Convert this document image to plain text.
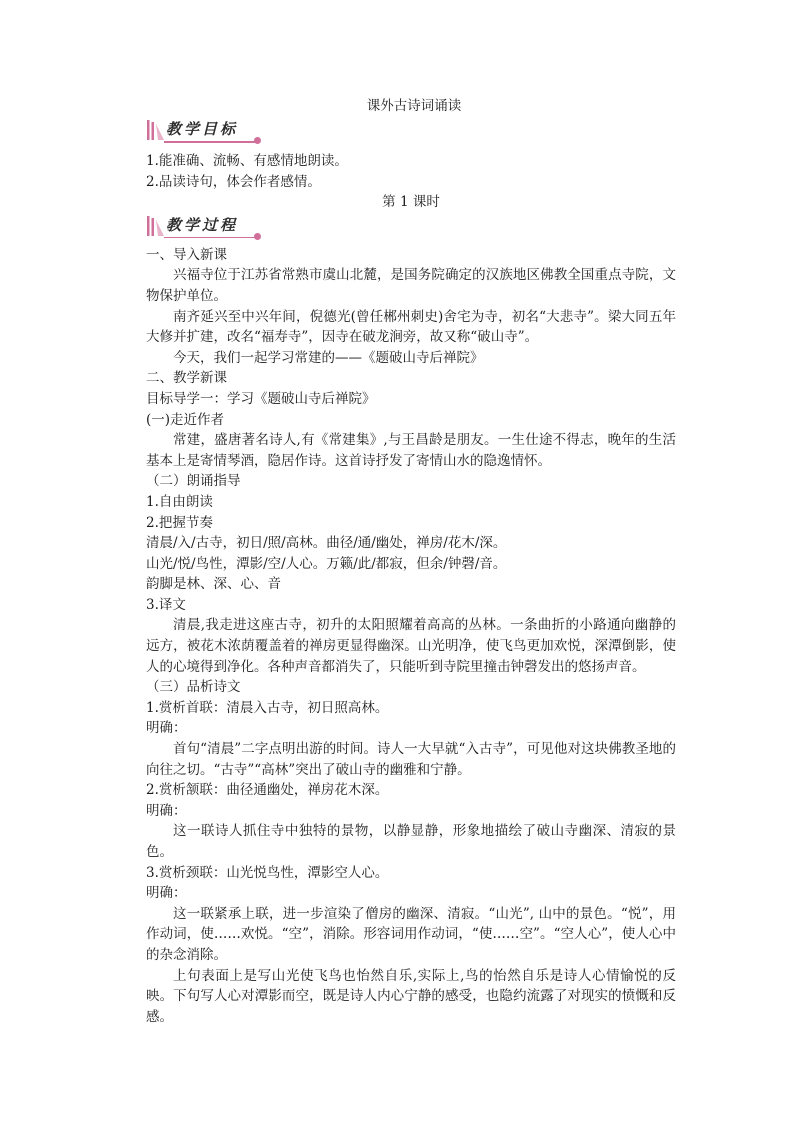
课外古诗词诵读
教学目标

1.能准确、流畅、有感情地朗读。

2.品读诗句，体会作者感情。

第 1 课时

教学过程

一、导入新课

兴福寺位于江苏省常熟市虞山北麓，是国务院确定的汉族地区佛教全国重点寺院，文物保护单位。

南齐延兴至中兴年间，倪德光(曾任郴州刺史)舍宅为寺，初名“大悲寺”。梁大同五年大修并扩建，改名“福寿寺”，因寺在破龙涧旁，故又称“破山寺”。

今天，我们一起学习常建的——《题破山寺后禅院》

二、教学新课

目标导学一：学习《题破山寺后禅院》

(一)走近作者

常建，盛唐著名诗人,有《常建集》,与王昌龄是朋友。一生仕途不得志，晚年的生活基本上是寄情琴酒，隐居作诗。这首诗抒发了寄情山水的隐逸情怀。

（二）朗诵指导

1.自由朗读

2.把握节奏

清晨/入/古寺，初日/照/高林。曲径/通/幽处，禅房/花木/深。

山光/悦/鸟性，潭影/空/人心。万籁/此/都寂，但余/钟磬/音。

韵脚是林、深、心、音

3.译文

清晨,我走进这座古寺，初升的太阳照耀着高高的丛林。一条曲折的小路通向幽静的远方，被花木浓荫覆盖着的禅房更显得幽深。山光明净，使飞鸟更加欢悦，深潭倒影，使人的心境得到净化。各种声音都消失了，只能听到寺院里撞击钟磬发出的悠扬声音。

（三）品析诗文

1.赏析首联：清晨入古寺，初日照高林。

明确：

首句“清晨”二字点明出游的时间。诗人一大早就“入古寺”，可见他对这块佛教圣地的向往之切。“古寺”“高林”突出了破山寺的幽雅和宁静。

2.赏析颔联：曲径通幽处，禅房花木深。

明确：

这一联诗人抓住寺中独特的景物，以静显静，形象地描绘了破山寺幽深、清寂的景色。

3.赏析颈联：山光悦鸟性，潭影空人心。

明确：

这一联紧承上联，进一步渲染了僧房的幽深、清寂。“山光”, 山中的景色。“悦”，用作动词，使……欢悦。“空”，消除。形容词用作动词，“使……空”。“空人心”，使人心中的杂念消除。

上句表面上是写山光使飞鸟也怡然自乐,实际上,鸟的怡然自乐是诗人心情愉悦的反映。下句写人心对潭影而空，既是诗人内心宁静的感受，也隐约流露了对现实的愤慨和反感。
